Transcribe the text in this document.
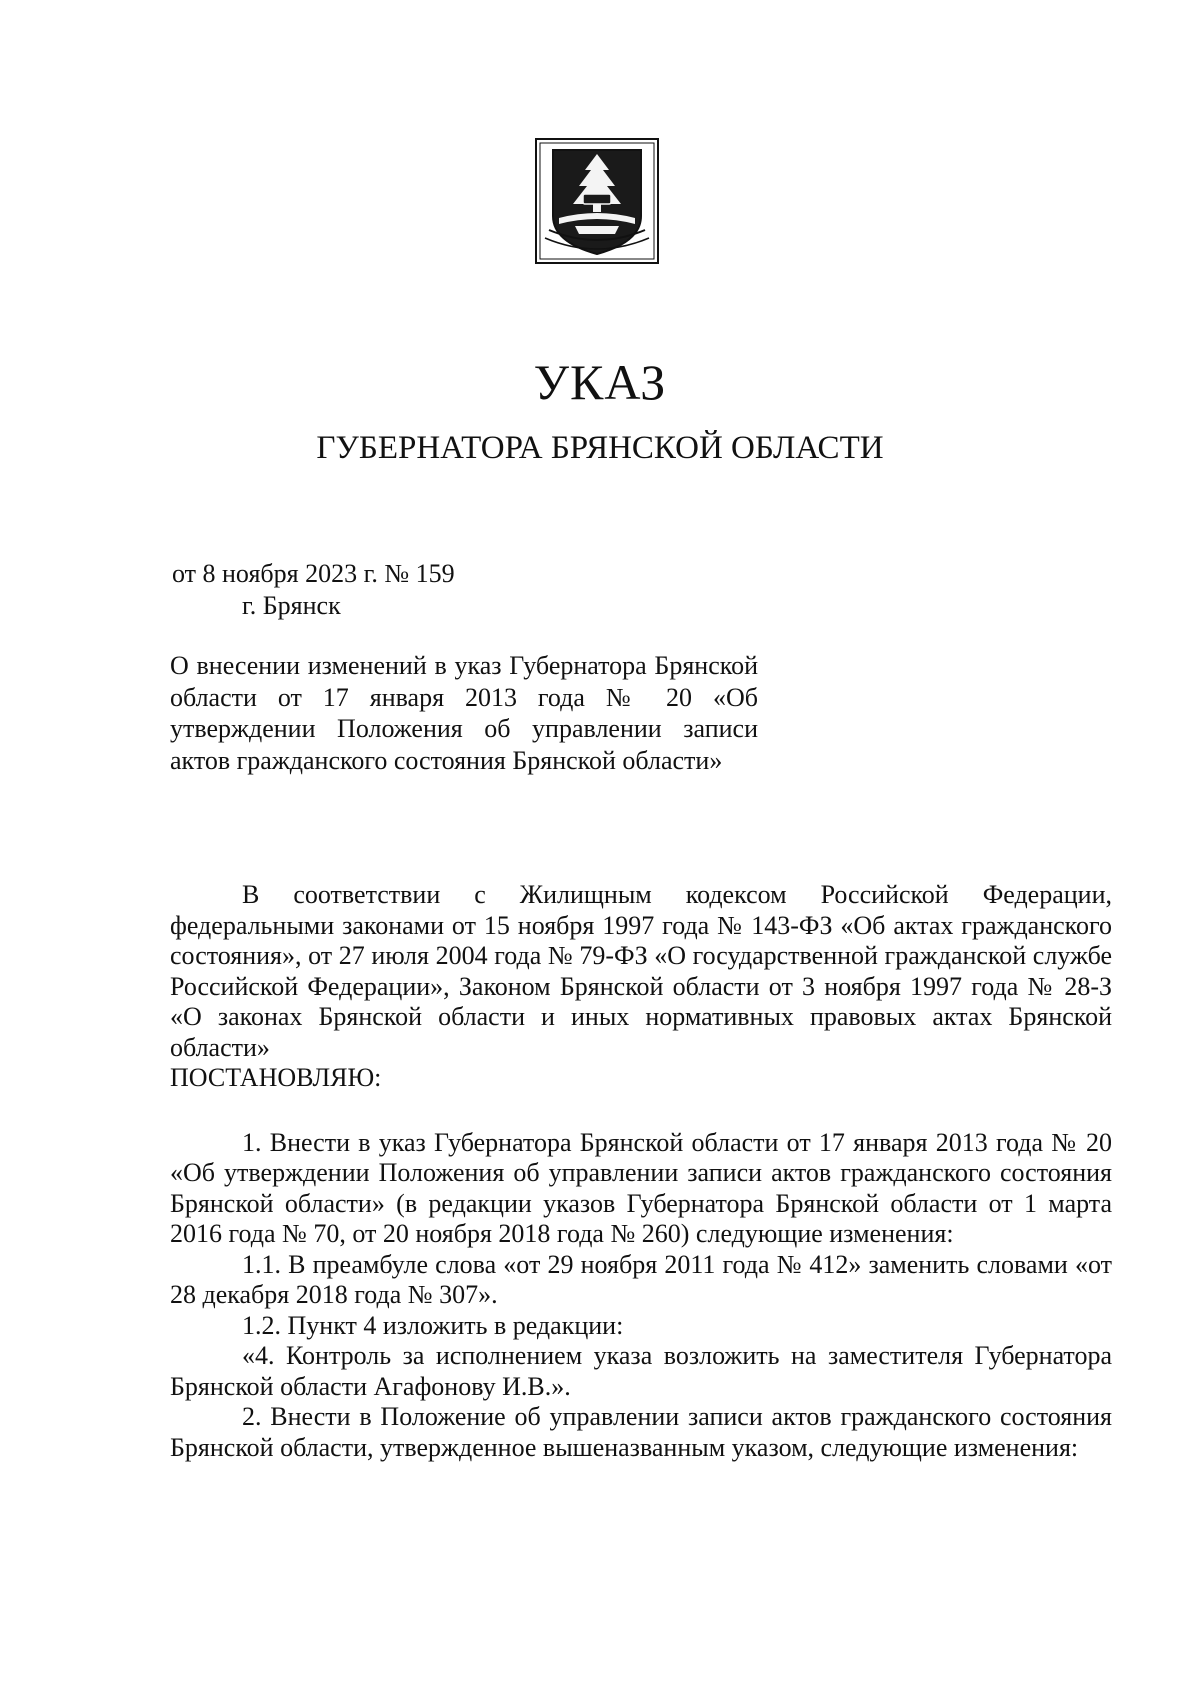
УКАЗ
ГУБЕРНАТОРА БРЯНСКОЙ ОБЛАСТИ
от 8 ноября 2023 г. № 159
г. Брянск
О внесении изменений в указ Губернатора Брянской области от 17 января 2013 года № 20 «Об утверждении Положения об управлении записи актов гражданского состояния Брянской области»

В соответствии с Жилищным кодексом Российской Федерации, федеральными законами от 15 ноября 1997 года № 143-ФЗ «Об актах гражданского состояния», от 27 июля 2004 года № 79-ФЗ «О государственной гражданской службе Российской Федерации», Законом Брянской области от 3 ноября 1997 года № 28-З «О законах Брянской области и иных нормативных правовых актах Брянской области»

ПОСТАНОВЛЯЮ:

1. Внести в указ Губернатора Брянской области от 17 января 2013 года № 20 «Об утверждении Положения об управлении записи актов гражданского состояния Брянской области» (в редакции указов Губернатора Брянской области от 1 марта 2016 года № 70, от 20 ноября 2018 года № 260) следующие изменения:

1.1. В преамбуле слова «от 29 ноября 2011 года № 412» заменить словами «от 28 декабря 2018 года № 307».

1.2. Пункт 4 изложить в редакции:

«4. Контроль за исполнением указа возложить на заместителя Губернатора Брянской области Агафонову И.В.».

2. Внести в Положение об управлении записи актов гражданского состояния Брянской области, утвержденное вышеназванным указом, следующие изменения:
